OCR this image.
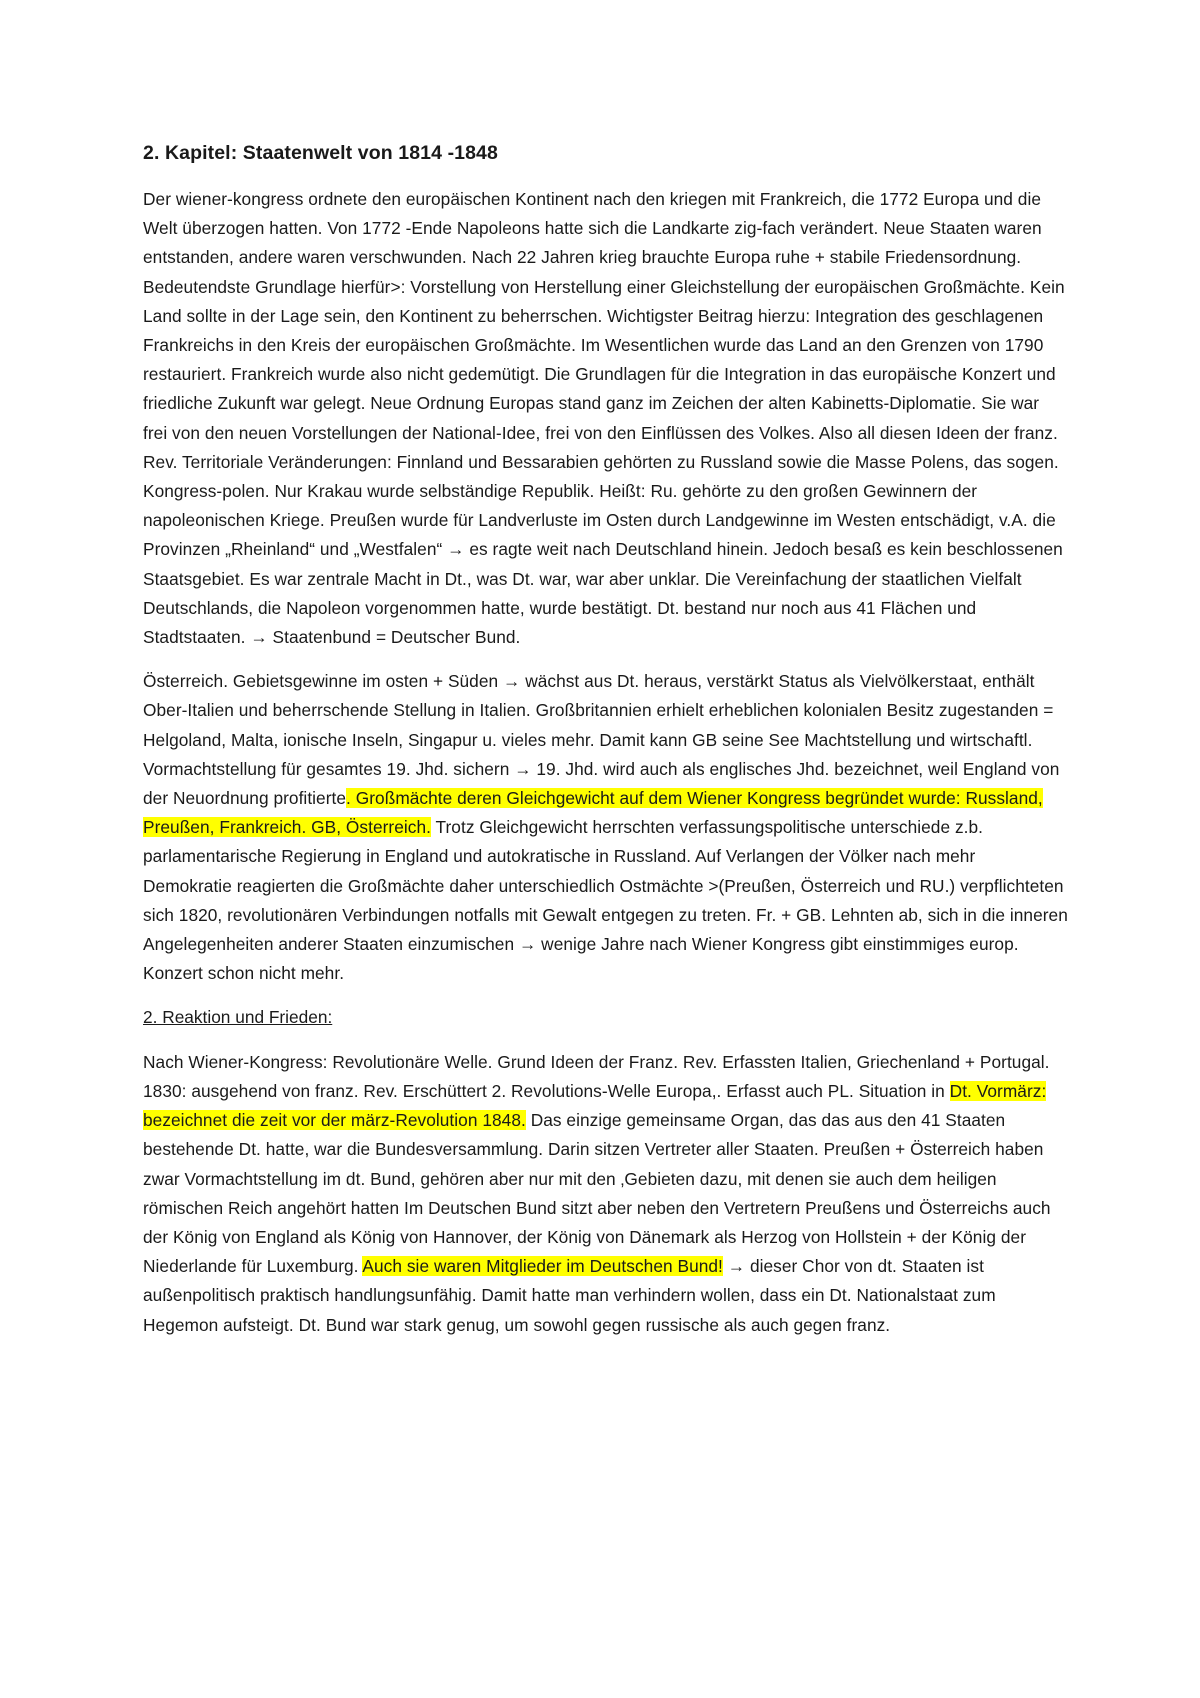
2. Kapitel: Staatenwelt von 1814 -1848

Der wiener-kongress ordnete den europäischen Kontinent nach den kriegen mit Frankreich, die 1772 Europa und die Welt überzogen hatten. Von 1772 -Ende Napoleons hatte sich die Landkarte zig-fach verändert. Neue Staaten waren entstanden, andere waren verschwunden. Nach 22 Jahren krieg brauchte Europa ruhe + stabile Friedensordnung. Bedeutendste Grundlage hierfür>: Vorstellung von Herstellung einer Gleichstellung der europäischen Großmächte. Kein Land sollte in der Lage sein, den Kontinent zu beherrschen. Wichtigster Beitrag hierzu: Integration des geschlagenen Frankreichs in den Kreis der europäischen Großmächte. Im Wesentlichen wurde das Land an den Grenzen von 1790 restauriert. Frankreich wurde also nicht gedemütigt. Die Grundlagen für die Integration in das europäische Konzert und friedliche Zukunft war gelegt. Neue Ordnung Europas stand ganz im Zeichen der alten Kabinetts-Diplomatie. Sie war frei von den neuen Vorstellungen der National-Idee, frei von den Einflüssen des Volkes. Also all diesen Ideen der franz. Rev. Territoriale Veränderungen: Finnland und Bessarabien gehörten zu Russland sowie die Masse Polens, das sogen. Kongress-polen. Nur Krakau wurde selbständige Republik. Heißt: Ru. gehörte zu den großen Gewinnern der napoleonischen Kriege. Preußen wurde für Landverluste im Osten durch Landgewinne im Westen entschädigt, v.A. die Provinzen „Rheinland“ und „Westfalen“ → es ragte weit nach Deutschland hinein. Jedoch besaß es kein beschlossenen Staatsgebiet. Es war zentrale Macht in Dt., was Dt. war, war aber unklar. Die Vereinfachung der staatlichen Vielfalt Deutschlands, die Napoleon vorgenommen hatte, wurde bestätigt. Dt. bestand nur noch aus 41 Flächen und Stadtstaaten. → Staatenbund = Deutscher Bund.

Österreich. Gebietsgewinne im osten + Süden → wächst aus Dt. heraus, verstärkt Status als Vielvölkerstaat, enthält Ober-Italien und beherrschende Stellung in Italien. Großbritannien erhielt erheblichen kolonialen Besitz zugestanden = Helgoland, Malta, ionische Inseln, Singapur u. vieles mehr. Damit kann GB seine See Machtstellung und wirtschaftl. Vormachtstellung für gesamtes 19. Jhd. sichern → 19. Jhd. wird auch als englisches Jhd. bezeichnet, weil England von der Neuordnung profitierte. Großmächte deren Gleichgewicht auf dem Wiener Kongress begründet wurde: Russland, Preußen, Frankreich. GB, Österreich. Trotz Gleichgewicht herrschten verfassungspolitische unterschiede z.b. parlamentarische Regierung in England und autokratische in Russland. Auf Verlangen der Völker nach mehr Demokratie reagierten die Großmächte daher unterschiedlich Ostmächte >(Preußen, Österreich und RU.) verpflichteten sich 1820, revolutionären Verbindungen notfalls mit Gewalt entgegen zu treten. Fr. + GB. Lehnten ab, sich in die inneren Angelegenheiten anderer Staaten einzumischen → wenige Jahre nach Wiener Kongress gibt einstimmiges europ. Konzert schon nicht mehr.

2. Reaktion und Frieden:

Nach Wiener-Kongress: Revolutionäre Welle. Grund Ideen der Franz. Rev. Erfassten Italien, Griechenland + Portugal. 1830: ausgehend von franz. Rev. Erschüttert 2. Revolutions-Welle Europa,. Erfasst auch PL. Situation in Dt. Vormärz: bezeichnet die zeit vor der märz-Revolution 1848. Das einzige gemeinsame Organ, das das aus den 41 Staaten bestehende Dt. hatte, war die Bundesversammlung. Darin sitzen Vertreter aller Staaten. Preußen + Österreich haben zwar Vormachtstellung im dt. Bund, gehören aber nur mit den ‚Gebieten dazu, mit denen sie auch dem heiligen römischen Reich angehört hatten Im Deutschen Bund sitzt aber neben den Vertretern Preußens und Österreichs auch der König von England als König von Hannover, der König von Dänemark als Herzog von Hollstein + der König der Niederlande für Luxemburg. Auch sie waren Mitglieder im Deutschen Bund! → dieser Chor von dt. Staaten ist außenpolitisch praktisch handlungsunfähig. Damit hatte man verhindern wollen, dass ein Dt. Nationalstaat zum Hegemon aufsteigt. Dt. Bund war stark genug, um sowohl gegen russische als auch gegen franz.
